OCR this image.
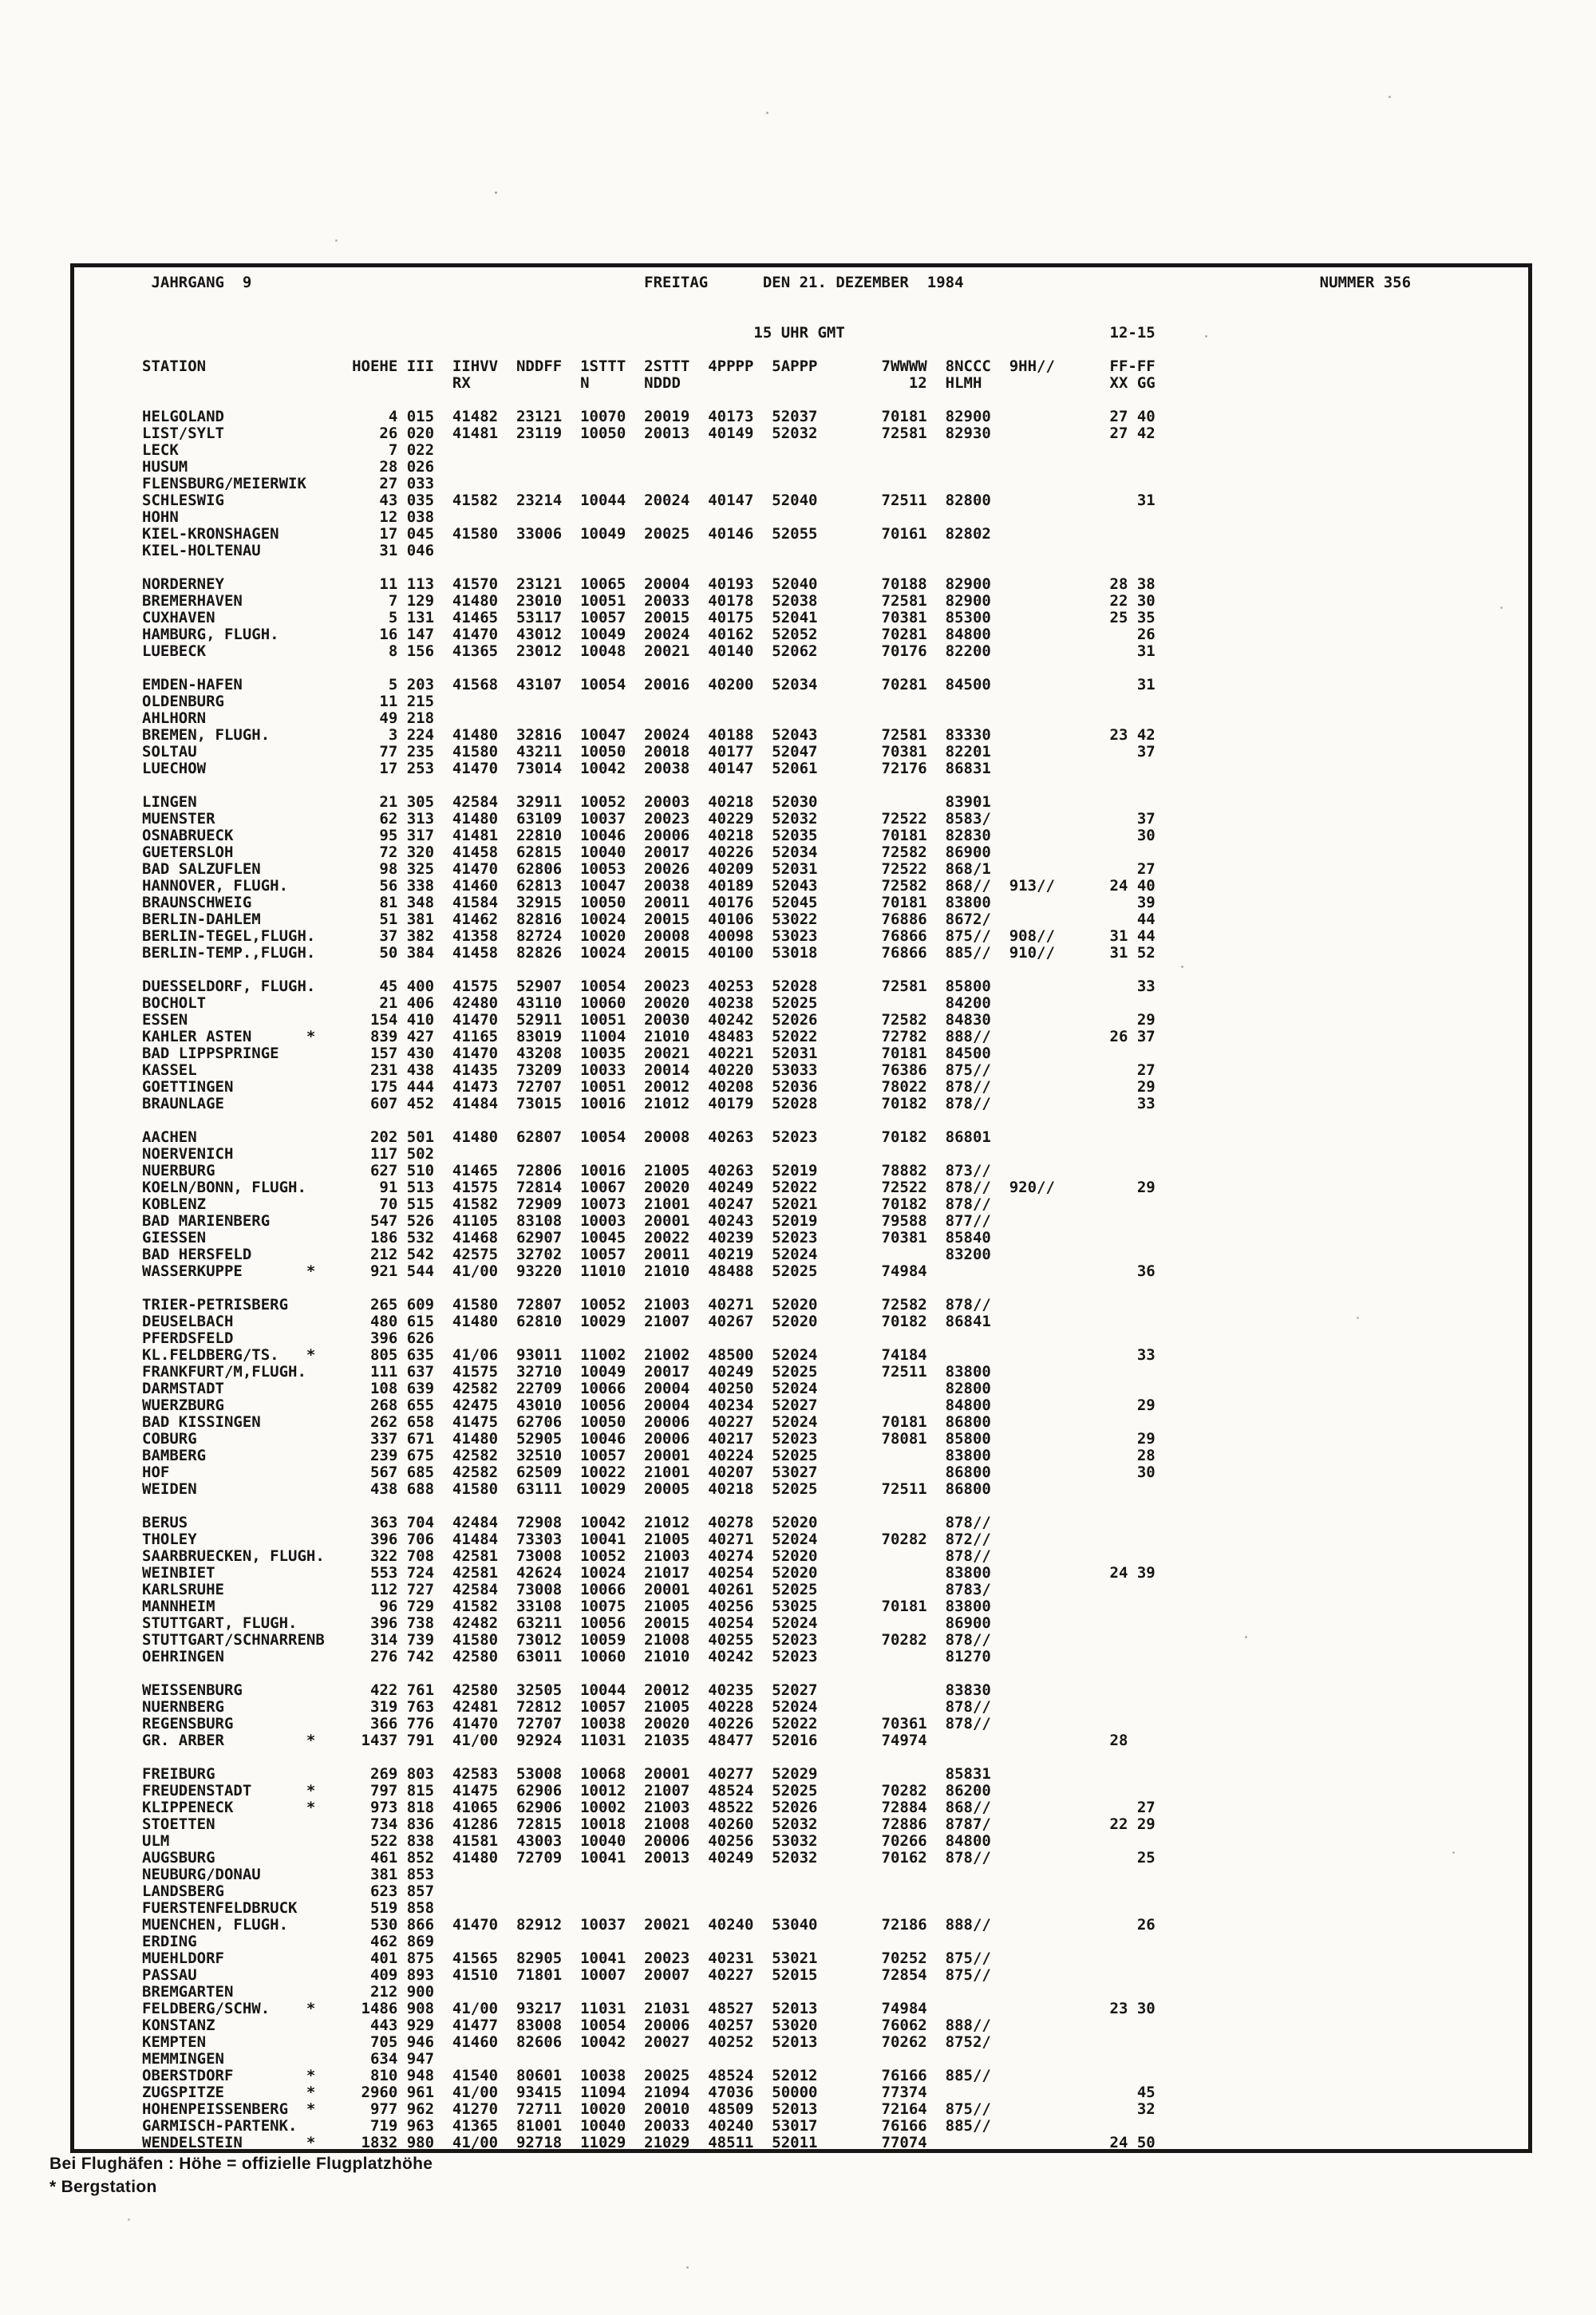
JAHRGANG  9                                           FREITAG      DEN 21. DEZEMBER  1984                                       NUMMER 356

15 UHR GMT                             12-15

STATION                HOEHE III  IIHVV  NDDFF  1STTT  2STTT  4PPPP  5APPP       7WWWW  8NCCC  9HH//      FF-FF
RX            N      NDDD                         12  HLMH              XX GG

HELGOLAND                  4 015  41482  23121  10070  20019  40173  52037       70181  82900             27 40
LIST/SYLT                 26 020  41481  23119  10050  20013  40149  52032       72581  82930             27 42
LECK                       7 022
HUSUM                     28 026
FLENSBURG/MEIERWIK        27 033
SCHLESWIG                 43 035  41582  23214  10044  20024  40147  52040       72511  82800                31
HOHN                      12 038
KIEL-KRONSHAGEN           17 045  41580  33006  10049  20025  40146  52055       70161  82802
KIEL-HOLTENAU             31 046

NORDERNEY                 11 113  41570  23121  10065  20004  40193  52040       70188  82900             28 38
BREMERHAVEN                7 129  41480  23010  10051  20033  40178  52038       72581  82900             22 30
CUXHAVEN                   5 131  41465  53117  10057  20015  40175  52041       70381  85300             25 35
HAMBURG, FLUGH.           16 147  41470  43012  10049  20024  40162  52052       70281  84800                26
LUEBECK                    8 156  41365  23012  10048  20021  40140  52062       70176  82200                31

EMDEN-HAFEN                5 203  41568  43107  10054  20016  40200  52034       70281  84500                31
OLDENBURG                 11 215
AHLHORN                   49 218
BREMEN, FLUGH.             3 224  41480  32816  10047  20024  40188  52043       72581  83330             23 42
SOLTAU                    77 235  41580  43211  10050  20018  40177  52047       70381  82201                37
LUECHOW                   17 253  41470  73014  10042  20038  40147  52061       72176  86831

LINGEN                    21 305  42584  32911  10052  20003  40218  52030              83901
MUENSTER                  62 313  41480  63109  10037  20023  40229  52032       72522  8583/                37
OSNABRUECK                95 317  41481  22810  10046  20006  40218  52035       70181  82830                30
GUETERSLOH                72 320  41458  62815  10040  20017  40226  52034       72582  86900
BAD SALZUFLEN             98 325  41470  62806  10053  20026  40209  52031       72522  868/1                27
HANNOVER, FLUGH.          56 338  41460  62813  10047  20038  40189  52043       72582  868//  913//      24 40
BRAUNSCHWEIG              81 348  41584  32915  10050  20011  40176  52045       70181  83800                39
BERLIN-DAHLEM             51 381  41462  82816  10024  20015  40106  53022       76886  8672/                44
BERLIN-TEGEL,FLUGH.       37 382  41358  82724  10020  20008  40098  53023       76866  875//  908//      31 44
BERLIN-TEMP.,FLUGH.       50 384  41458  82826  10024  20015  40100  53018       76866  885//  910//      31 52

DUESSELDORF, FLUGH.       45 400  41575  52907  10054  20023  40253  52028       72581  85800                33
BOCHOLT                   21 406  42480  43110  10060  20020  40238  52025              84200
ESSEN                    154 410  41470  52911  10051  20030  40242  52026       72582  84830                29
KAHLER ASTEN      *      839 427  41165  83019  11004  21010  48483  52022       72782  888//             26 37
BAD LIPPSPRINGE          157 430  41470  43208  10035  20021  40221  52031       70181  84500
KASSEL                   231 438  41435  73209  10033  20014  40220  53033       76386  875//                27
GOETTINGEN               175 444  41473  72707  10051  20012  40208  52036       78022  878//                29
BRAUNLAGE                607 452  41484  73015  10016  21012  40179  52028       70182  878//                33

AACHEN                   202 501  41480  62807  10054  20008  40263  52023       70182  86801
NOERVENICH               117 502
NUERBURG                 627 510  41465  72806  10016  21005  40263  52019       78882  873//
KOELN/BONN, FLUGH.        91 513  41575  72814  10067  20020  40249  52022       72522  878//  920//         29
KOBLENZ                   70 515  41582  72909  10073  21001  40247  52021       70182  878//
BAD MARIENBERG           547 526  41105  83108  10003  20001  40243  52019       79588  877//
GIESSEN                  186 532  41468  62907  10045  20022  40239  52023       70381  85840
BAD HERSFELD             212 542  42575  32702  10057  20011  40219  52024              83200
WASSERKUPPE       *      921 544  41/00  93220  11010  21010  48488  52025       74984                       36

TRIER-PETRISBERG         265 609  41580  72807  10052  21003  40271  52020       72582  878//
DEUSELBACH               480 615  41480  62810  10029  21007  40267  52020       70182  86841
PFERDSFELD               396 626
KL.FELDBERG/TS.   *      805 635  41/06  93011  11002  21002  48500  52024       74184                       33
FRANKFURT/M,FLUGH.       111 637  41575  32710  10049  20017  40249  52025       72511  83800
DARMSTADT                108 639  42582  22709  10066  20004  40250  52024              82800
WUERZBURG                268 655  42475  43010  10056  20004  40234  52027              84800                29
BAD KISSINGEN            262 658  41475  62706  10050  20006  40227  52024       70181  86800
COBURG                   337 671  41480  52905  10046  20006  40217  52023       78081  85800                29
BAMBERG                  239 675  42582  32510  10057  20001  40224  52025              83800                28
HOF                      567 685  42582  62509  10022  21001  40207  53027              86800                30
WEIDEN                   438 688  41580  63111  10029  20005  40218  52025       72511  86800

BERUS                    363 704  42484  72908  10042  21012  40278  52020              878//
THOLEY                   396 706  41484  73303  10041  21005  40271  52024       70282  872//
SAARBRUECKEN, FLUGH.     322 708  42581  73008  10052  21003  40274  52020              878//
WEINBIET                 553 724  42581  42624  10024  21017  40254  52020              83800             24 39
KARLSRUHE                112 727  42584  73008  10066  20001  40261  52025              8783/
MANNHEIM                  96 729  41582  33108  10075  21005  40256  53025       70181  83800
STUTTGART, FLUGH.        396 738  42482  63211  10056  20015  40254  52024              86900
STUTTGART/SCHNARRENB     314 739  41580  73012  10059  21008  40255  52023       70282  878//
OEHRINGEN                276 742  42580  63011  10060  21010  40242  52023              81270

WEISSENBURG              422 761  42580  32505  10044  20012  40235  52027              83830
NUERNBERG                319 763  42481  72812  10057  21005  40228  52024              878//
REGENSBURG               366 776  41470  72707  10038  20020  40226  52022       70361  878//
GR. ARBER         *     1437 791  41/00  92924  11031  21035  48477  52016       74974                    28

FREIBURG                 269 803  42583  53008  10068  20001  40277  52029              85831
FREUDENSTADT      *      797 815  41475  62906  10012  21007  48524  52025       70282  86200
KLIPPENECK        *      973 818  41065  62906  10002  21003  48522  52026       72884  868//                27
STOETTEN                 734 836  41286  72815  10018  21008  40260  52032       72886  8787/             22 29
ULM                      522 838  41581  43003  10040  20006  40256  53032       70266  84800
AUGSBURG                 461 852  41480  72709  10041  20013  40249  52032       70162  878//                25
NEUBURG/DONAU            381 853
LANDSBERG                623 857
FUERSTENFELDBRUCK        519 858
MUENCHEN, FLUGH.         530 866  41470  82912  10037  20021  40240  53040       72186  888//                26
ERDING                   462 869
MUEHLDORF                401 875  41565  82905  10041  20023  40231  53021       70252  875//
PASSAU                   409 893  41510  71801  10007  20007  40227  52015       72854  875//
BREMGARTEN               212 900
FELDBERG/SCHW.    *     1486 908  41/00  93217  11031  21031  48527  52013       74984                    23 30
KONSTANZ                 443 929  41477  83008  10054  20006  40257  53020       76062  888//
KEMPTEN                  705 946  41460  82606  10042  20027  40252  52013       70262  8752/
MEMMINGEN                634 947
OBERSTDORF        *      810 948  41540  80601  10038  20025  48524  52012       76166  885//
ZUGSPITZE         *     2960 961  41/00  93415  11094  21094  47036  50000       77374                       45
HOHENPEISSENBERG  *      977 962  41270  72711  10020  20010  48509  52013       72164  875//                32
GARMISCH-PARTENK.        719 963  41365  81001  10040  20033  40240  53017       76166  885//
WENDELSTEIN       *     1832 980  41/00  92718  11029  21029  48511  52011       77074                    24 50
Bei Flughäfen : Höhe = offizielle Flugplatzhöhe
* Bergstation
